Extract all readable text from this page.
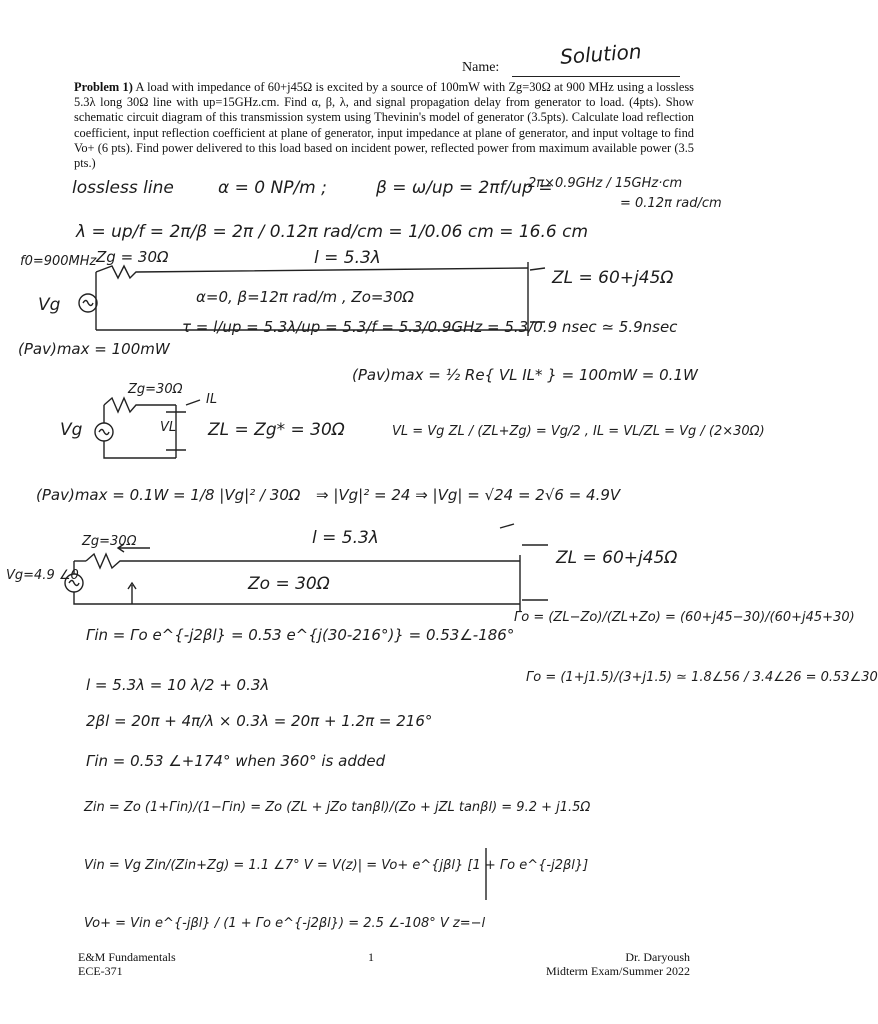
Name:	Solution
Problem 1) A load with impedance of 60+j45Ω is excited by a source of 100mW with Zg=30Ω at 900 MHz using a lossless 5.3λ long 30Ω line with up=15GHz.cm. Find α, β, λ, and signal propagation delay from generator to load. (4pts). Show schematic circuit diagram of this transmission system using Thevinin's model of generator (3.5pts). Calculate load reflection coefficient, input reflection coefficient at plane of generator, input impedance at plane of generator, and input voltage to find Vo+ (6 pts). Find power delivered to this load based on incident power, reflected power from maximum available power (3.5 pts.)
lossless line	α = 0 NP/m ;	β = ω/up = 2πf/up =
2π×0.9GHz / 15GHz·cm
= 0.12π rad/cm
λ = up/f = 2π/β = 2π / 0.12π rad/cm = 1/0.06 cm = 16.6 cm
f0=900MHz Zg = 30Ω	l = 5.3λ
ZL = 60+j45Ω
Vg	α=0, β=12π rad/m , Zo=30Ω
(Pav)max = 100mW
τ = l/up = 5.3λ/up = 5.3/f = 5.3/0.9GHz = 5.3/0.9 nsec ≃ 5.9nsec
(Pav)max = ½ Re{ VL IL* } = 100mW = 0.1W
Zg=30Ω
IL
VL
Vg	ZL = Zg* = 30Ω	VL = Vg ZL / (ZL+Zg) = Vg/2 , IL = VL/ZL = Vg / (2×30Ω)
(Pav)max = 0.1W = 1/8 |Vg|² / 30Ω ⇒ |Vg|² = 24 ⇒ |Vg| = √24 = 2√6 = 4.9V
Zg=30Ω	l = 5.3λ
ZL = 60+j45Ω
Vg=4.9 ∠0	Zo = 30Ω
Γin = Γo e^{-j2βl} = 0.53 e^{j(30-216°)} = 0.53∠-186°
Γo = (ZL−Zo)/(ZL+Zo) = (60+j45−30)/(60+j45+30)
l = 5.3λ = 10 λ/2 + 0.3λ	Γo = (1+j1.5)/(3+j1.5) ≃ 1.8∠56 / 3.4∠26 = 0.53∠30
2βl = 20π + 4π/λ × 0.3λ = 20π + 1.2π = 216°
Γin = 0.53 ∠+174° when 360° is added
Zin = Zo (1+Γin)/(1−Γin) = Zo (ZL + jZo tanβl)/(Zo + jZL tanβl) = 9.2 + j1.5Ω
Vin = Vg Zin/(Zin+Zg) = 1.1 ∠7° V = V(z)| = Vo+ e^{jβl} [1 + Γo e^{-j2βl}]
Vo+ = Vin e^{-jβl} / (1 + Γo e^{-j2βl}) = 2.5 ∠-108° V z=−l
E&M Fundamentals
ECE-371
1	Dr. Daryoush
Midterm Exam/Summer 2022
